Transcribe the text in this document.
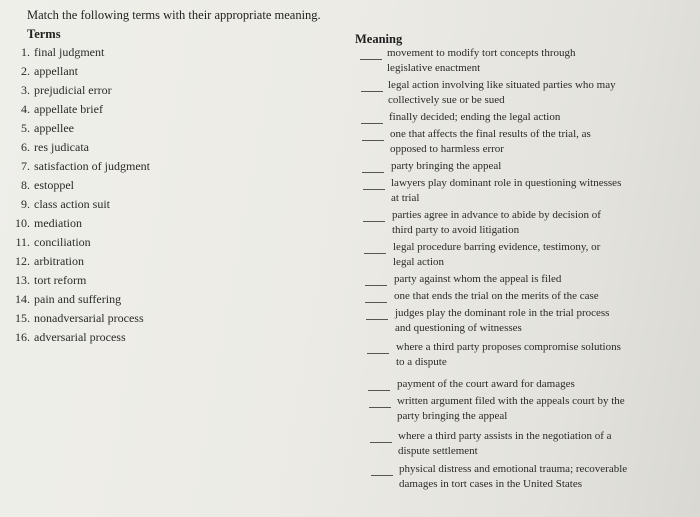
Match the following terms with their appropriate meaning.
Terms	Meaning
1. final judgment
2. appellant
3. prejudicial error
4. appellate brief
5. appellee
6. res judicata
7. satisfaction of judgment
8. estoppel
9. class action suit
10. mediation
11. conciliation
12. arbitration
13. tort reform
14. pain and suffering
15. nonadversarial process
16. adversarial process
movement to modify tort concepts through
legislative enactment
legal action involving like situated parties who may
collectively sue or be sued
finally decided; ending the legal action
one that affects the final results of the trial, as
opposed to harmless error
party bringing the appeal
lawyers play dominant role in questioning witnesses
at trial
parties agree in advance to abide by decision of
third party to avoid litigation
legal procedure barring evidence, testimony, or
legal action
party against whom the appeal is filed
one that ends the trial on the merits of the case
judges play the dominant role in the trial process
and questioning of witnesses
where a third party proposes compromise solutions
to a dispute
payment of the court award for damages
written argument filed with the appeals court by the
party bringing the appeal
where a third party assists in the negotiation of a
dispute settlement
physical distress and emotional trauma; recoverable
damages in tort cases in the United States
